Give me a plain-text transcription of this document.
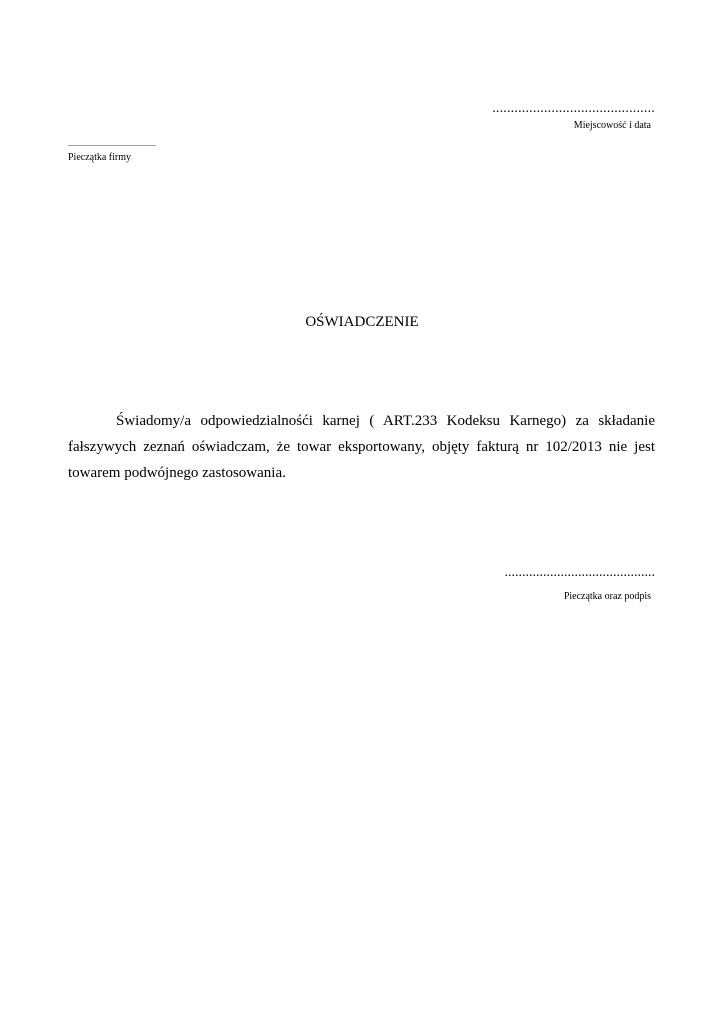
............................................
Miejscowość i data
............................................
Pieczątka firmy
OŚWIADCZENIE
Świadomy/a odpowiedzialnośći karnej ( ART.233 Kodeksu Karnego) za składanie
fałszywych zeznań oświadczam, że towar eksportowany, objęty fakturą nr 102/2013 nie jest
towarem podwójnego zastosowania.
...........................................
Pieczątka oraz podpis
